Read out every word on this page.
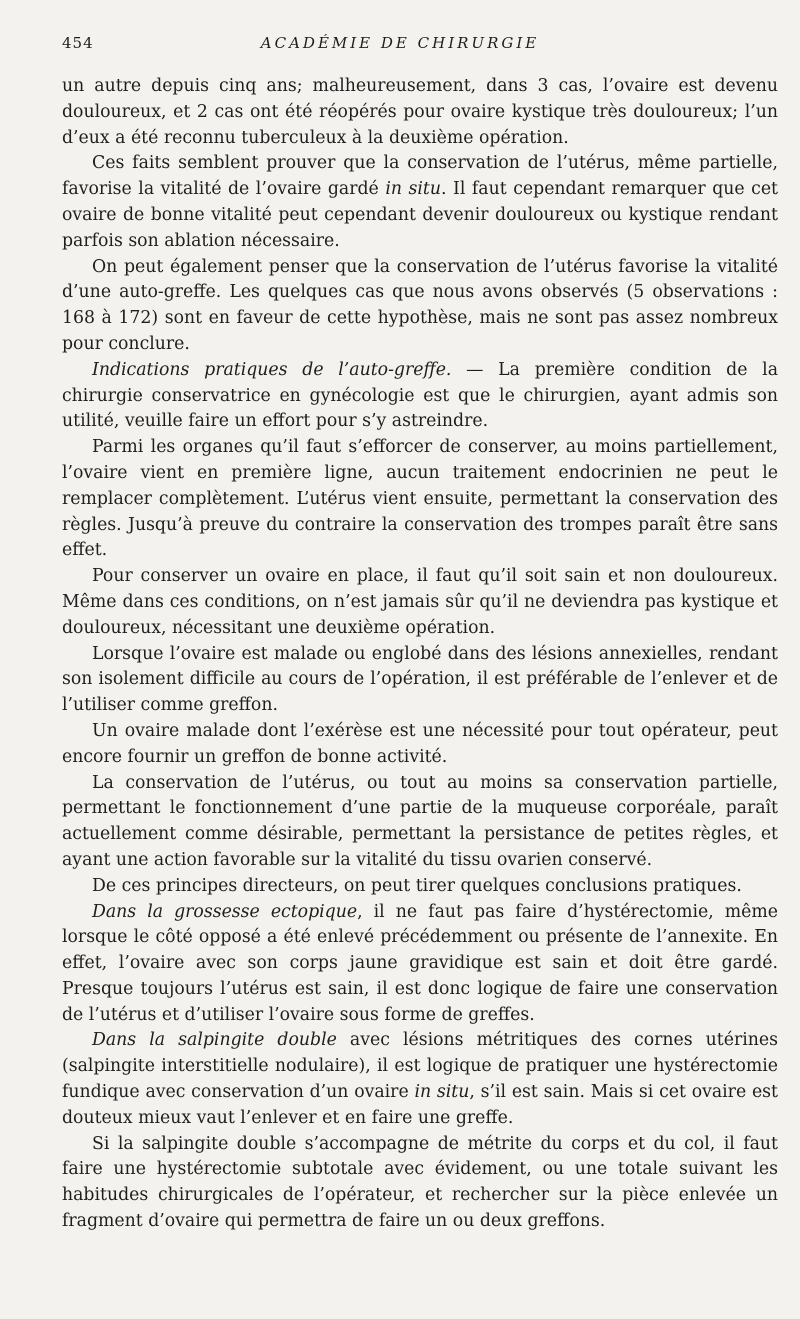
454	ACADÉMIE DE CHIRURGIE

un autre depuis cinq ans; malheureusement, dans 3 cas, l’ovaire est devenu douloureux, et 2 cas ont été réopérés pour ovaire kystique très douloureux; l’un d’eux a été reconnu tuberculeux à la deuxième opération.

Ces faits semblent prouver que la conservation de l’utérus, même partielle, favorise la vitalité de l’ovaire gardé in situ. Il faut cependant remarquer que cet ovaire de bonne vitalité peut cependant devenir douloureux ou kystique rendant parfois son ablation nécessaire.

On peut également penser que la conservation de l’utérus favorise la vitalité d’une auto-greffe. Les quelques cas que nous avons observés (5 observations : 168 à 172) sont en faveur de cette hypothèse, mais ne sont pas assez nombreux pour conclure.

Indications pratiques de l’auto-greffe. — La première condition de la chirurgie conservatrice en gynécologie est que le chirurgien, ayant admis son utilité, veuille faire un effort pour s’y astreindre.

Parmi les organes qu’il faut s’efforcer de conserver, au moins partiellement, l’ovaire vient en première ligne, aucun traitement endocrinien ne peut le remplacer complètement. L’utérus vient ensuite, permettant la conservation des règles. Jusqu’à preuve du contraire la conservation des trompes paraît être sans effet.

Pour conserver un ovaire en place, il faut qu’il soit sain et non douloureux. Même dans ces conditions, on n’est jamais sûr qu’il ne deviendra pas kystique et douloureux, nécessitant une deuxième opération.

Lorsque l’ovaire est malade ou englobé dans des lésions annexielles, rendant son isolement difficile au cours de l’opération, il est préférable de l’enlever et de l’utiliser comme greffon.

Un ovaire malade dont l’exérèse est une nécessité pour tout opérateur, peut encore fournir un greffon de bonne activité.

La conservation de l’utérus, ou tout au moins sa conservation partielle, permettant le fonctionnement d’une partie de la muqueuse corporéale, paraît actuellement comme désirable, permettant la persistance de petites règles, et ayant une action favorable sur la vitalité du tissu ovarien conservé.

De ces principes directeurs, on peut tirer quelques conclusions pratiques.

Dans la grossesse ectopique, il ne faut pas faire d’hystérectomie, même lorsque le côté opposé a été enlevé précédemment ou présente de l’annexite. En effet, l’ovaire avec son corps jaune gravidique est sain et doit être gardé. Presque toujours l’utérus est sain, il est donc logique de faire une conservation de l’utérus et d’utiliser l’ovaire sous forme de greffes.

Dans la salpingite double avec lésions métritiques des cornes utérines (salpingite interstitielle nodulaire), il est logique de pratiquer une hystérectomie fundique avec conservation d’un ovaire in situ, s’il est sain. Mais si cet ovaire est douteux mieux vaut l’enlever et en faire une greffe.

Si la salpingite double s’accompagne de métrite du corps et du col, il faut faire une hystérectomie subtotale avec évidement, ou une totale suivant les habitudes chirurgicales de l’opérateur, et rechercher sur la pièce enlevée un fragment d’ovaire qui permettra de faire un ou deux greffons.
